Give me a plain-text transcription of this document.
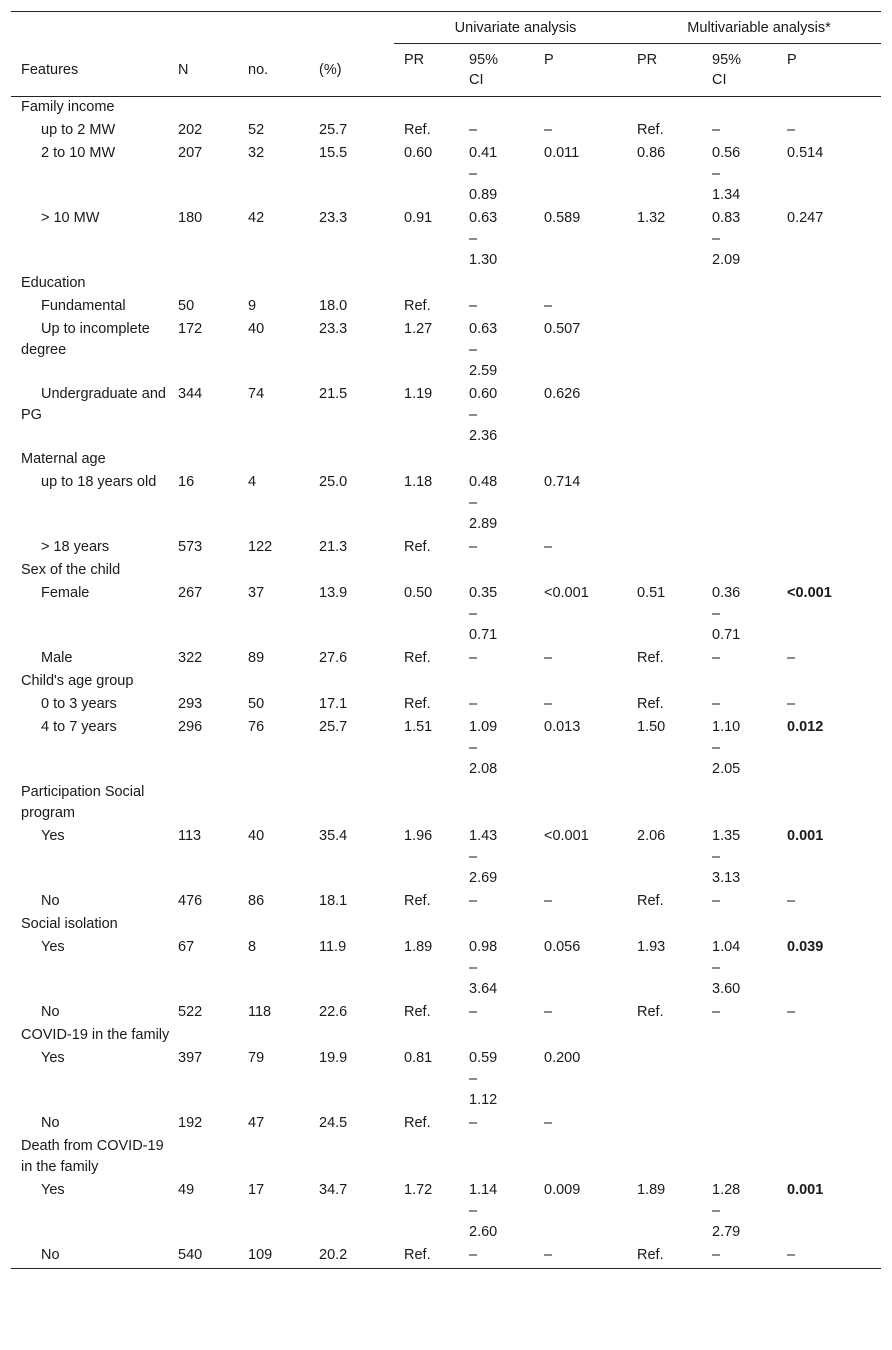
				Univariate analysis			Multivariable analysis*		
Features	N	no.	(%)	PR	95% CI	P	PR	95% CI	P
Family income									
up to 2 MW	202	52	25.7	Ref.	–	–	Ref.	–	–
2 to 10 MW	207	32	15.5	0.60	0.41 – 0.89	0.011	0.86	0.56 – 1.34	0.514
> 10 MW	180	42	23.3	0.91	0.63 – 1.30	0.589	1.32	0.83 – 2.09	0.247
Education									
Fundamental	50	9	18.0	Ref.	–	–			
Up to incomplete degree	172	40	23.3	1.27	0.63 – 2.59	0.507			
Undergraduate and PG	344	74	21.5	1.19	0.60 – 2.36	0.626			
Maternal age									
up to 18 years old	16	4	25.0	1.18	0.48 – 2.89	0.714			
> 18 years	573	122	21.3	Ref.	–	–			
Sex of the child									
Female	267	37	13.9	0.50	0.35 – 0.71	<0.001	0.51	0.36 – 0.71	<0.001
Male	322	89	27.6	Ref.	–	–	Ref.	–	–
Child's age group									
0 to 3 years	293	50	17.1	Ref.	–	–	Ref.	–	–
4 to 7 years	296	76	25.7	1.51	1.09 – 2.08	0.013	1.50	1.10 – 2.05	0.012
Participation Social program									
Yes	113	40	35.4	1.96	1.43 – 2.69	<0.001	2.06	1.35 – 3.13	0.001
No	476	86	18.1	Ref.	–	–	Ref.	–	–
Social isolation									
Yes	67	8	11.9	1.89	0.98 – 3.64	0.056	1.93	1.04 – 3.60	0.039
No	522	118	22.6	Ref.	–	–	Ref.	–	–
COVID-19 in the family									
Yes	397	79	19.9	0.81	0.59 – 1.12	0.200			
No	192	47	24.5	Ref.	–	–			
Death from COVID-19 in the family									
Yes	49	17	34.7	1.72	1.14 – 2.60	0.009	1.89	1.28 – 2.79	0.001
No	540	109	20.2	Ref.	–	–	Ref.	–	–
